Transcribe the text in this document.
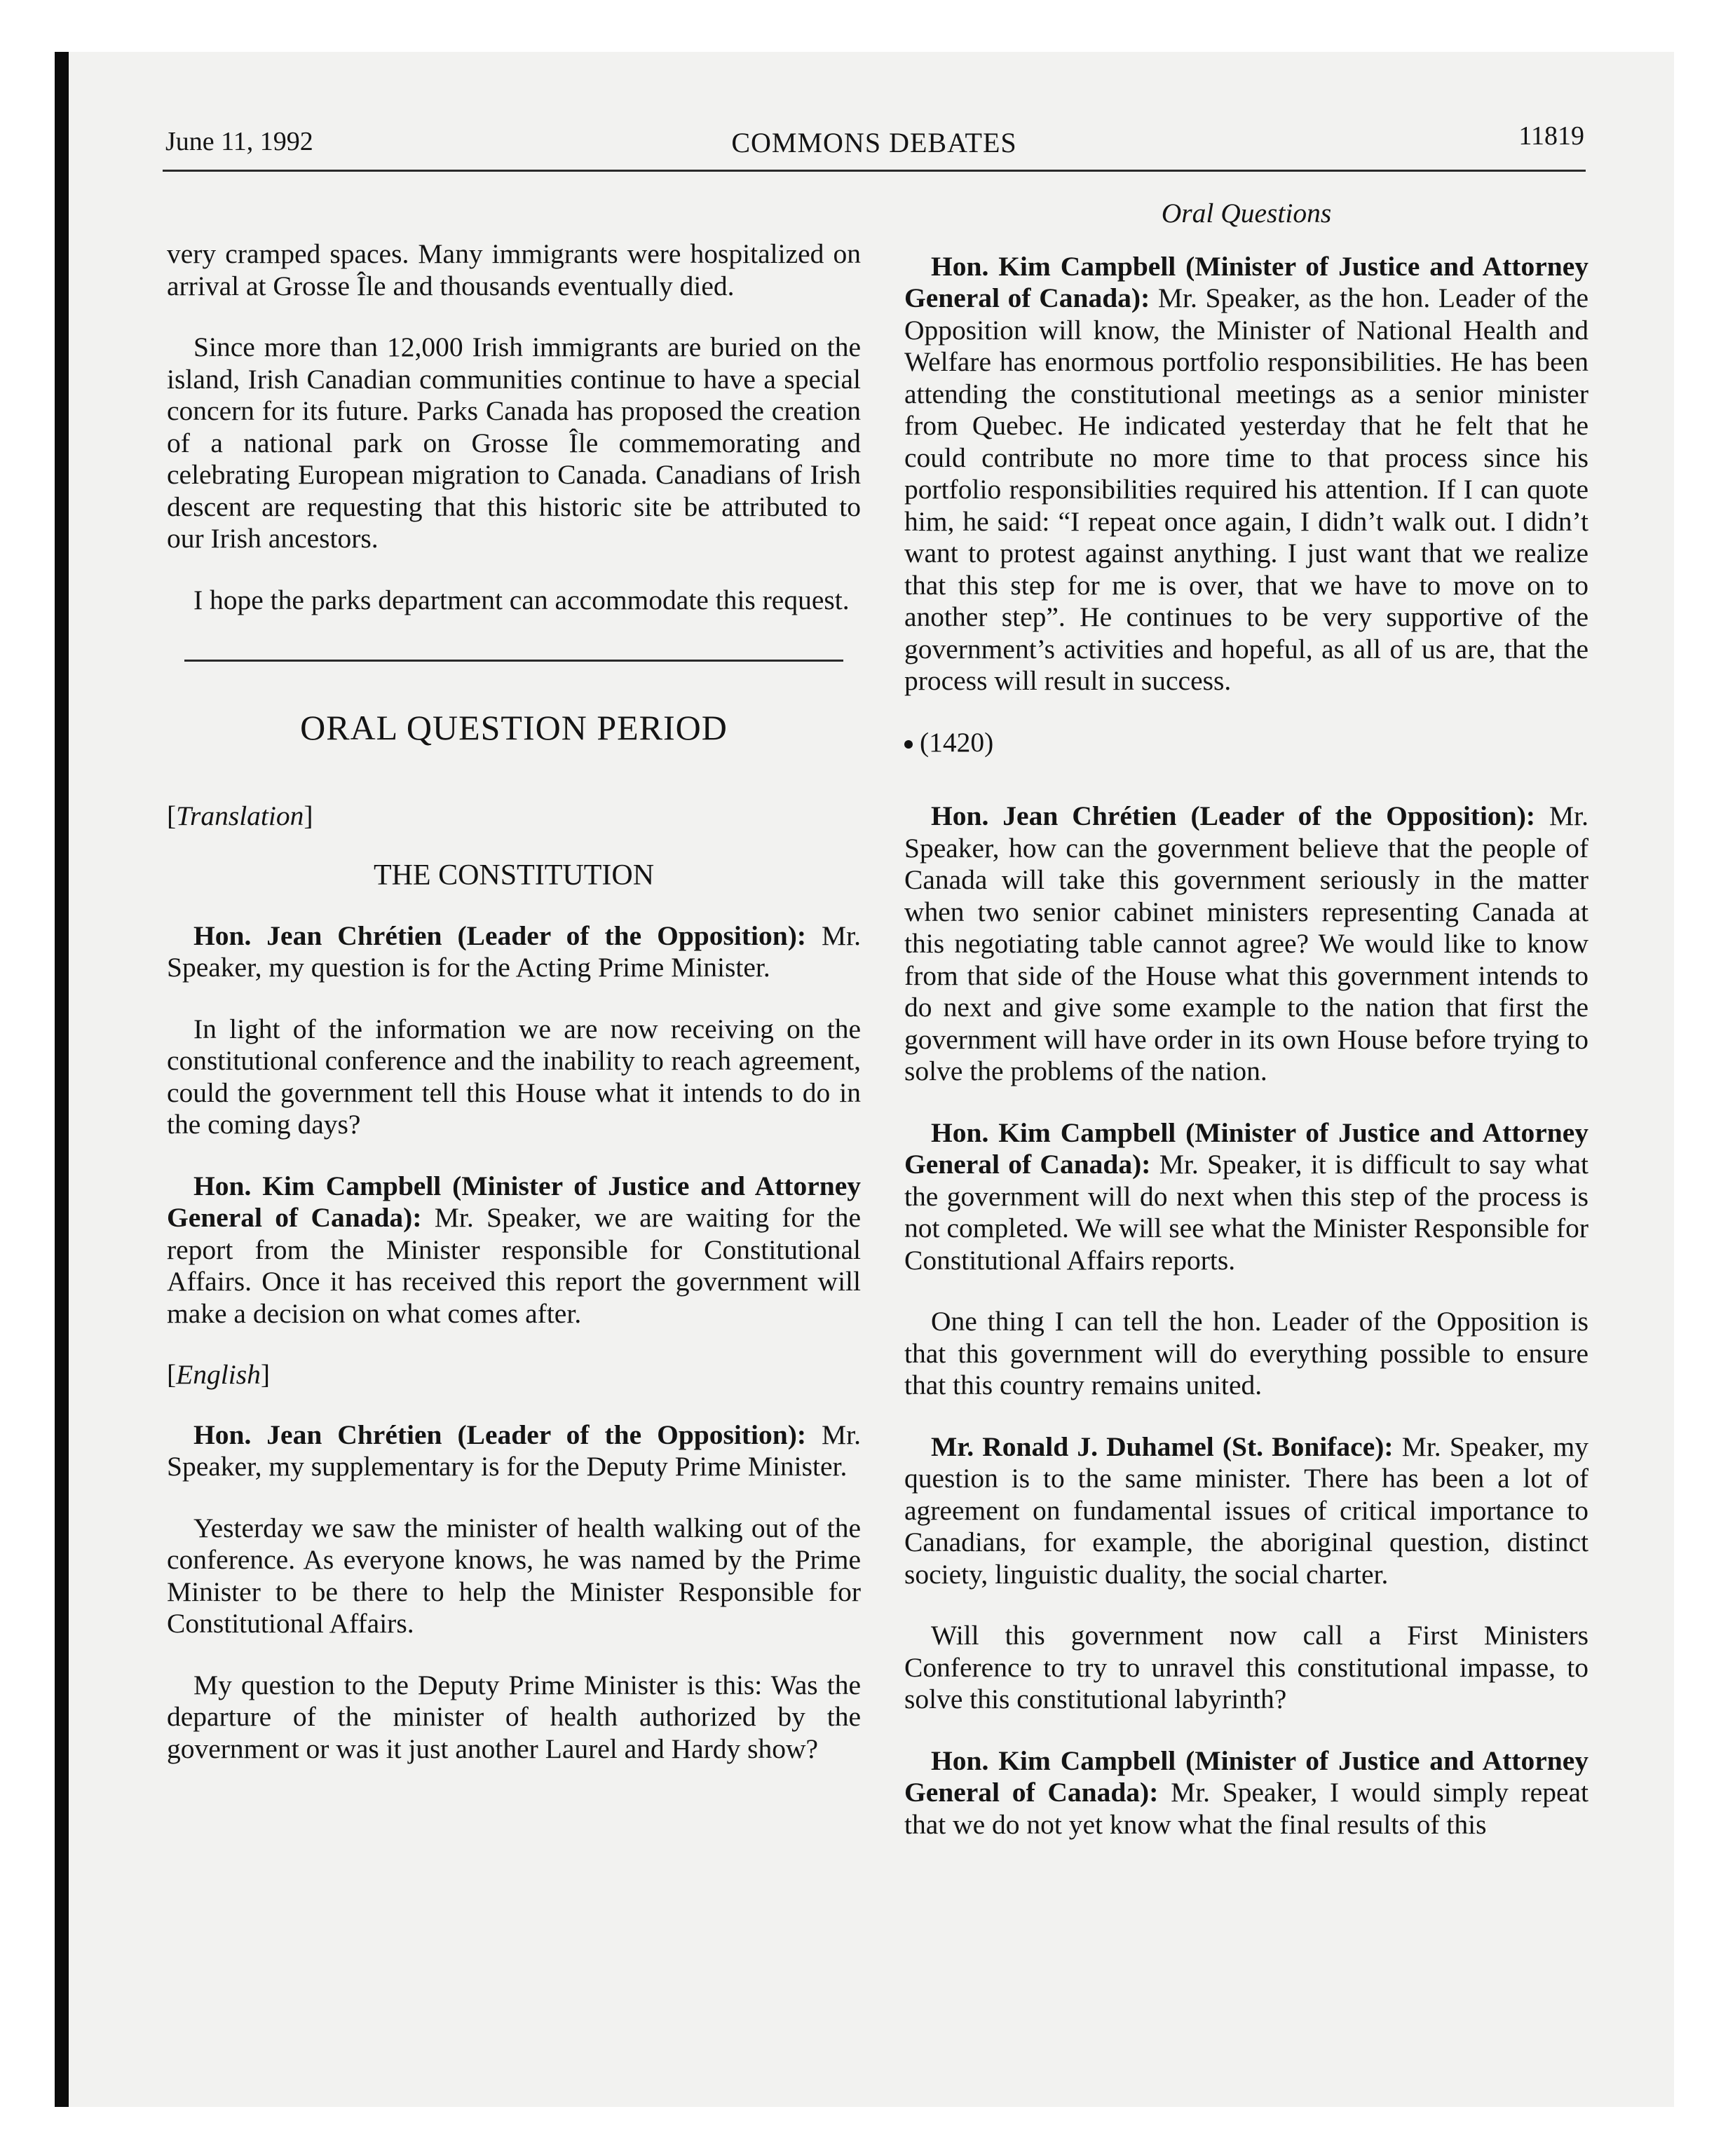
June 11, 1992	COMMONS DEBATES	11819

very cramped spaces. Many immigrants were hospitalized on arrival at Grosse Île and thousands eventually died.

Since more than 12,000 Irish immigrants are buried on the island, Irish Canadian communities continue to have a special concern for its future. Parks Canada has proposed the creation of a national park on Grosse Île commemorating and celebrating European migration to Canada. Canadians of Irish descent are requesting that this historic site be attributed to our Irish ancestors.

I hope the parks department can accommodate this request.

ORAL QUESTION PERIOD
[Translation]
THE CONSTITUTION

Hon. Jean Chrétien (Leader of the Opposition): Mr. Speaker, my question is for the Acting Prime Minister.

In light of the information we are now receiving on the constitutional conference and the inability to reach agreement, could the government tell this House what it intends to do in the coming days?

Hon. Kim Campbell (Minister of Justice and Attorney General of Canada): Mr. Speaker, we are waiting for the report from the Minister responsible for Constitutional Affairs. Once it has received this report the government will make a decision on what comes after.

[English]

Hon. Jean Chrétien (Leader of the Opposition): Mr. Speaker, my supplementary is for the Deputy Prime Minister.

Yesterday we saw the minister of health walking out of the conference. As everyone knows, he was named by the Prime Minister to be there to help the Minister Responsible for Constitutional Affairs.

My question to the Deputy Prime Minister is this: Was the departure of the minister of health authorized by the government or was it just another Laurel and Hardy show?

Oral Questions

Hon. Kim Campbell (Minister of Justice and Attorney General of Canada): Mr. Speaker, as the hon. Leader of the Opposition will know, the Minister of National Health and Welfare has enormous portfolio responsibilities. He has been attending the constitutional meetings as a senior minister from Quebec. He indicated yesterday that he felt that he could contribute no more time to that process since his portfolio responsibilities required his attention. If I can quote him, he said: “I repeat once again, I didn’t walk out. I didn’t want to protest against anything. I just want that we realize that this step for me is over, that we have to move on to another step”. He continues to be very supportive of the government’s activities and hopeful, as all of us are, that the process will result in success.

(1420)

Hon. Jean Chrétien (Leader of the Opposition): Mr. Speaker, how can the government believe that the people of Canada will take this government seriously in the matter when two senior cabinet ministers representing Canada at this negotiating table cannot agree? We would like to know from that side of the House what this government intends to do next and give some example to the nation that first the government will have order in its own House before trying to solve the problems of the nation.

Hon. Kim Campbell (Minister of Justice and Attorney General of Canada): Mr. Speaker, it is difficult to say what the government will do next when this step of the process is not completed. We will see what the Minister Responsible for Constitutional Affairs reports.

One thing I can tell the hon. Leader of the Opposition is that this government will do everything possible to ensure that this country remains united.

Mr. Ronald J. Duhamel (St. Boniface): Mr. Speaker, my question is to the same minister. There has been a lot of agreement on fundamental issues of critical importance to Canadians, for example, the aboriginal question, distinct society, linguistic duality, the social charter.

Will this government now call a First Ministers Conference to try to unravel this constitutional impasse, to solve this constitutional labyrinth?

Hon. Kim Campbell (Minister of Justice and Attorney General of Canada): Mr. Speaker, I would simply repeat that we do not yet know what the final results of this
